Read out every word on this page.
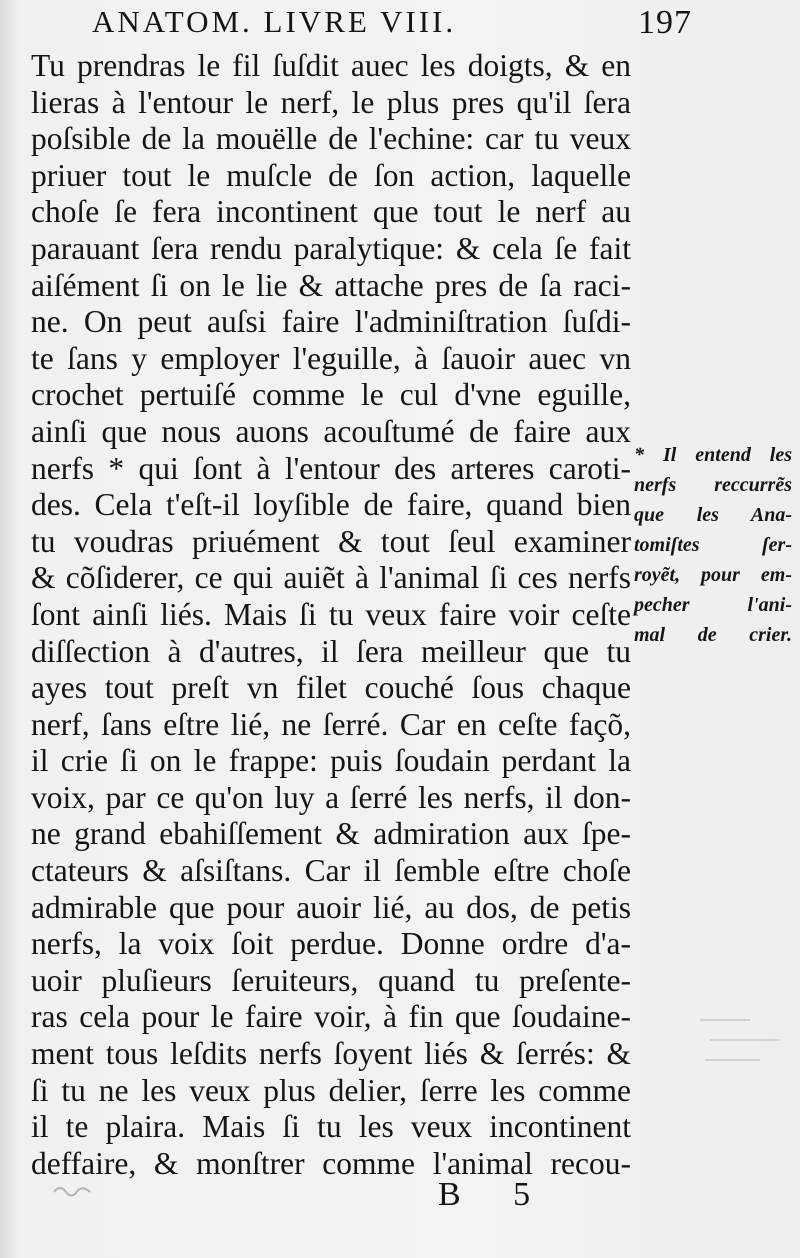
ANATOM. LIVRE VIII.	197
Tu prendras le fil ſuſdit auec les doigts, & en
lieras à l'entour le nerf, le plus pres qu'il ſera
poſsible de la mouëlle de l'echine: car tu veux
priuer tout le muſcle de ſon action, laquelle
choſe ſe fera incontinent que tout le nerf au
parauant ſera rendu paralytique: & cela ſe fait
aiſément ſi on le lie & attache pres de ſa raci-
ne. On peut auſsi faire l'adminiſtration ſuſdi-
te ſans y employer l'eguille, à ſauoir auec vn
crochet pertuiſé comme le cul d'vne eguille,
ainſi que nous auons acouſtumé de faire aux
nerfs * qui ſont à l'entour des arteres caroti-
des. Cela t'eſt-il loyſible de faire, quand bien
tu voudras priuément & tout ſeul examiner
& cõſiderer, ce qui auiẽt à l'animal ſi ces nerfs
ſont ainſi liés. Mais ſi tu veux faire voir ceſte
diſſection à d'autres, il ſera meilleur que tu
ayes tout preſt vn filet couché ſous chaque
nerf, ſans eſtre lié, ne ſerré. Car en ceſte façõ,
il crie ſi on le frappe: puis ſoudain perdant la
voix, par ce qu'on luy a ſerré les nerfs, il don-
ne grand ebahiſſement & admiration aux ſpe-
ctateurs & aſsiſtans. Car il ſemble eſtre choſe
admirable que pour auoir lié, au dos, de petis
nerfs, la voix ſoit perdue. Donne ordre d'a-
uoir pluſieurs ſeruiteurs, quand tu preſente-
ras cela pour le faire voir, à fin que ſoudaine-
ment tous leſdits nerfs ſoyent liés & ſerrés: &
ſi tu ne les veux plus delier, ſerre les comme
il te plaira. Mais ſi tu les veux incontinent
deffaire, & monſtrer comme l'animal recou-
* Il entend les
nerfs reccurrẽs
que les Ana-
tomiſtes ſer-
royẽt, pour em-
pecher l'ani-
mal de crier.
B 5
